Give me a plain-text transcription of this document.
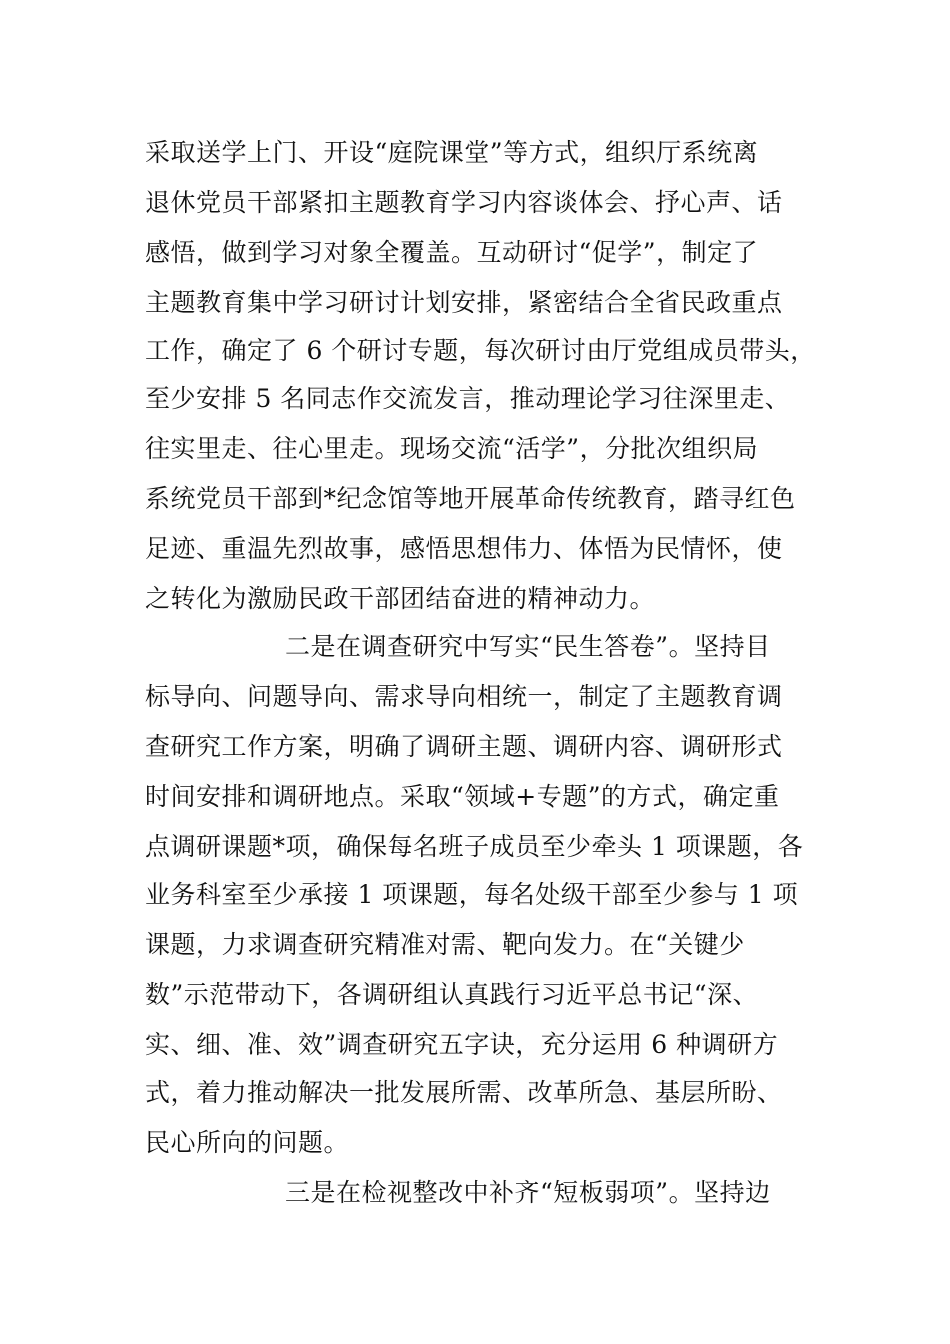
采取送学上门、开设“庭院课堂”等方式，组织厅系统离
退休党员干部紧扣主题教育学习内容谈体会、抒心声、话
感悟，做到学习对象全覆盖。互动研讨“促学”，制定了
主题教育集中学习研讨计划安排，紧密结合全省民政重点
工作，确定了 6 个研讨专题，每次研讨由厅党组成员带头，
至少安排 5 名同志作交流发言，推动理论学习往深里走、
往实里走、往心里走。现场交流“活学”，分批次组织局
系统党员干部到*纪念馆等地开展革命传统教育，踏寻红色
足迹、重温先烈故事，感悟思想伟力、体悟为民情怀，使
之转化为激励民政干部团结奋进的精神动力。
二是在调查研究中写实“民生答卷”。坚持目
标导向、问题导向、需求导向相统一，制定了主题教育调
查研究工作方案，明确了调研主题、调研内容、调研形式
时间安排和调研地点。采取“领域+专题”的方式，确定重
点调研课题*项，确保每名班子成员至少牵头 1 项课题，各
业务科室至少承接 1 项课题，每名处级干部至少参与 1 项
课题，力求调查研究精准对需、靶向发力。在“关键少
数”示范带动下，各调研组认真践行习近平总书记“深、
实、细、准、效”调查研究五字诀，充分运用 6 种调研方
式，着力推动解决一批发展所需、改革所急、基层所盼、
民心所向的问题。
三是在检视整改中补齐“短板弱项”。坚持边
